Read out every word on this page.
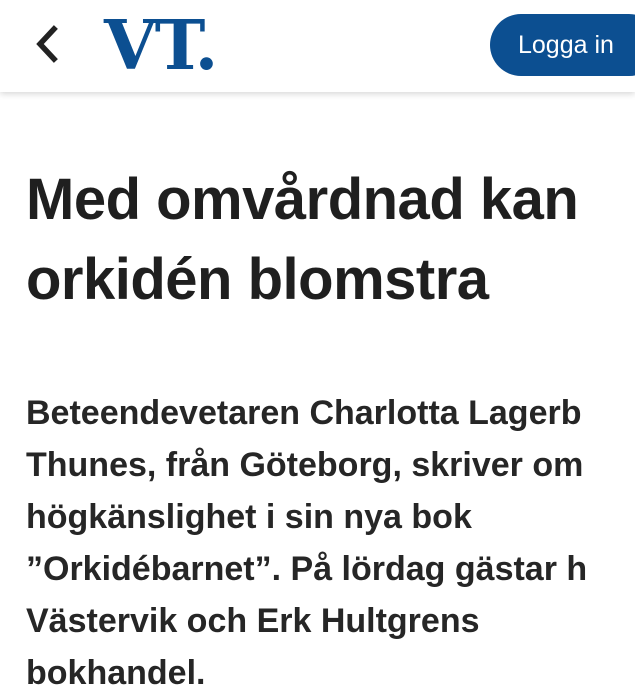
VT.	Logga in
Med omvårdnad kan
orkidén blomstra

Beteendevetaren Charlotta Lagerb
Thunes, från Göteborg, skriver om
högkänslighet i sin nya bok
”Orkidébarnet”. På lördag gästar h
Västervik och Erk Hultgrens
bokhandel.
